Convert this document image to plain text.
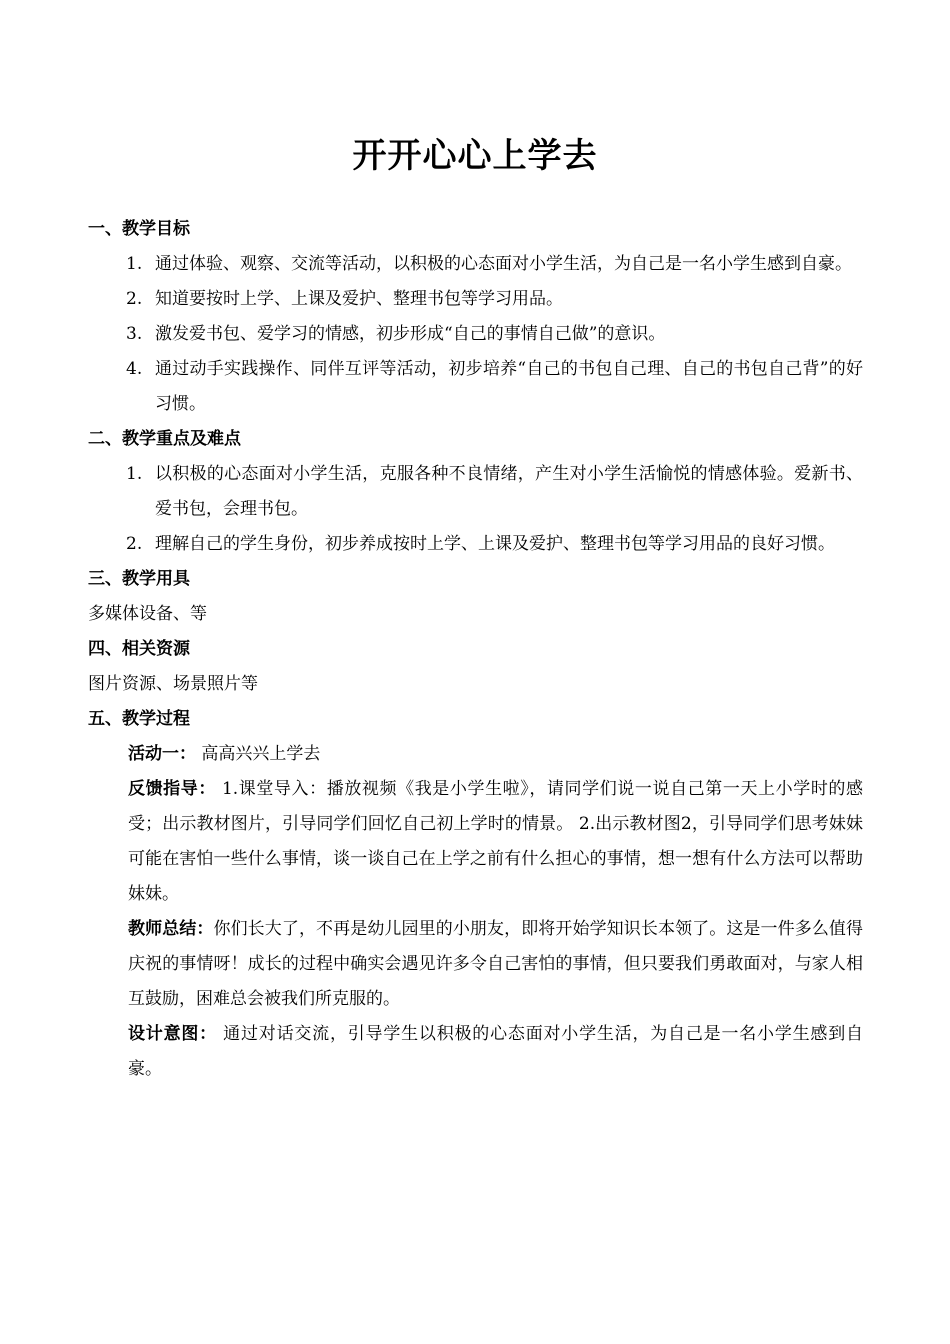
开开心心上学去
一、教学目标
1. 通过体验、观察、交流等活动，以积极的心态面对小学生活，为自己是一名小学生感到自豪。
2. 知道要按时上学、上课及爱护、整理书包等学习用品。
3. 激发爱书包、爱学习的情感，初步形成“自己的事情自己做”的意识。
4. 通过动手实践操作、同伴互评等活动，初步培养“自己的书包自己理、自己的书包自己背”的好习惯。
二、教学重点及难点
1. 以积极的心态面对小学生活，克服各种不良情绪，产生对小学生活愉悦的情感体验。爱新书、爱书包，会理书包。
2. 理解自己的学生身份，初步养成按时上学、上课及爱护、整理书包等学习用品的良好习惯。
三、教学用具
多媒体设备、等
四、相关资源
图片资源、场景照片等
五、教学过程
活动一： 高高兴兴上学去
反馈指导： 1.课堂导入：播放视频《我是小学生啦》，请同学们说一说自己第一天上小学时的感受；出示教材图片，引导同学们回忆自己初上学时的情景。 2.出示教材图2，引导同学们思考妹妹可能在害怕一些什么事情，谈一谈自己在上学之前有什么担心的事情，想一想有什么方法可以帮助妹妹。
教师总结：你们长大了，不再是幼儿园里的小朋友，即将开始学知识长本领了。这是一件多么值得庆祝的事情呀！成长的过程中确实会遇见许多令自己害怕的事情，但只要我们勇敢面对，与家人相互鼓励，困难总会被我们所克服的。
设计意图： 通过对话交流，引导学生以积极的心态面对小学生活，为自己是一名小学生感到自豪。
